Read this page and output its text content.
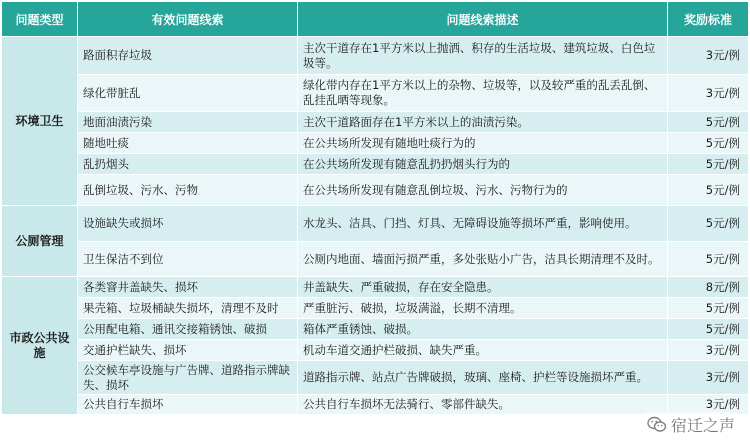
问题类型	有效问题线索	问题线索描述	奖励标准
环境卫生	路面积存垃圾	主次干道存在1平方米以上抛洒、积存的生活垃圾、建筑垃圾、白色垃圾等。	3元/例
	绿化带脏乱	绿化带内存在1平方米以上的杂物、垃圾等，以及较严重的乱丢乱倒、乱挂乱晒等现象。	3元/例
	地面油渍污染	主次干道路面存在1平方米以上的油渍污染。	5元/例
	随地吐痰	在公共场所发现有随地吐痰行为的	5元/例
	乱扔烟头	在公共场所发现有随意乱扔扔烟头行为的	5元/例
	乱倒垃圾、污水、污物	在公共场所发现有随意乱倒垃圾、污水、污物行为的	5元/例
公厕管理	设施缺失或损坏	水龙头、洁具、门挡、灯具、无障碍设施等损坏严重，影响使用。	5元/例
	卫生保洁不到位	公厕内地面、墙面污损严重，多处张贴小广告，洁具长期清理不及时。	5元/例
市政公共设施	各类窨井盖缺失、损坏	井盖缺失、严重破损，存在安全隐患。	8元/例
	果壳箱、垃圾桶缺失损坏，清理不及时	严重脏污、破损，垃圾满溢，长期不清理。	5元/例
	公用配电箱、通讯交接箱锈蚀、破损	箱体严重锈蚀、破损。	5元/例
	交通护栏缺失、损坏	机动车道交通护栏破损、缺失严重。	3元/例
	公交候车亭设施与广告牌、道路指示牌缺失、损坏	道路指示牌、站点广告牌破损，玻璃、座椅、护栏等设施损坏严重。	3元/例
	公共自行车损坏	公共自行车损坏无法骑行、零部件缺失。	3元/例
宿迁之声
